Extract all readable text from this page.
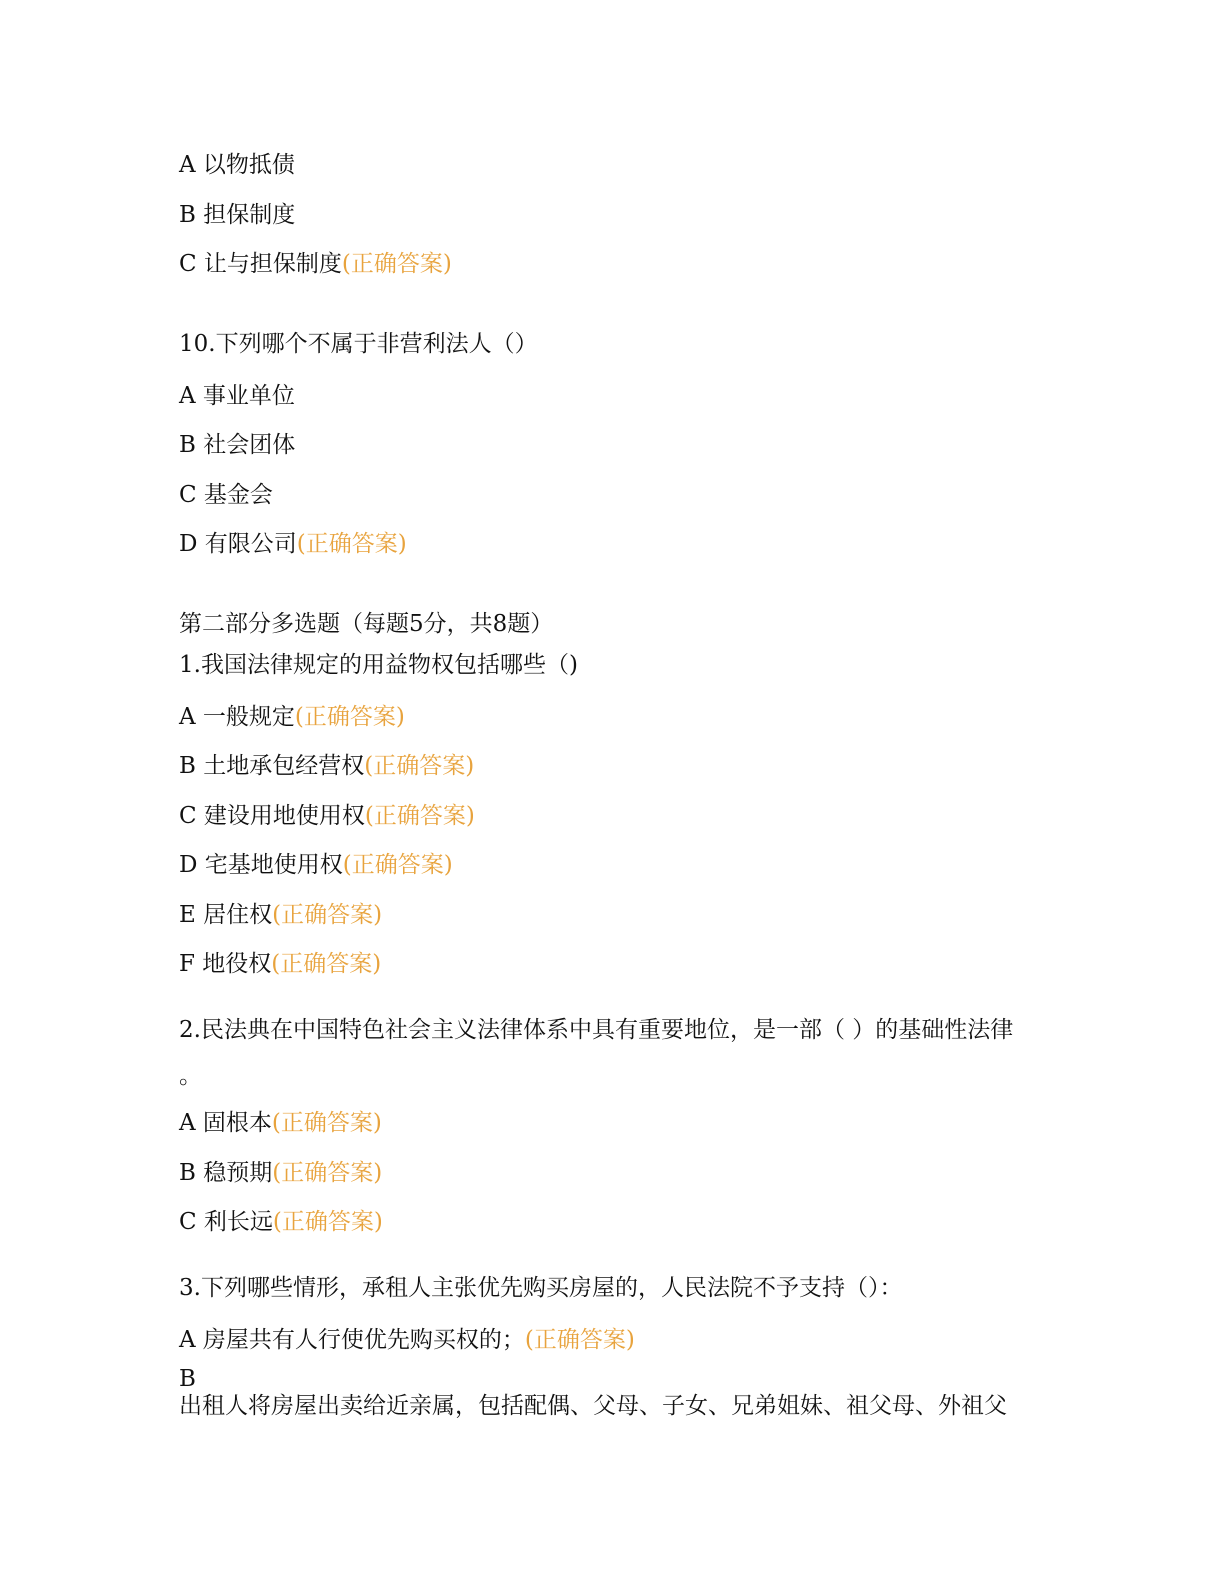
A 以物抵债
B 担保制度
C 让与担保制度(正确答案)
10.下列哪个不属于非营利法人（）
A 事业单位
B 社会团体
C 基金会
D 有限公司(正确答案)
第二部分多选题（每题5分，共8题）
1.我国法律规定的用益物权包括哪些（)
A 一般规定(正确答案)
B 土地承包经营权(正确答案)
C 建设用地使用权(正确答案)
D 宅基地使用权(正确答案)
E 居住权(正确答案)
F 地役权(正确答案)
2.民法典在中国特色社会主义法律体系中具有重要地位，是一部（ ）的基础性法律
。
A 固根本(正确答案)
B 稳预期(正确答案)
C 利长远(正确答案)
3.下列哪些情形，承租人主张优先购买房屋的，人民法院不予支持（）：
A 房屋共有人行使优先购买权的；(正确答案)
B
出租人将房屋出卖给近亲属，包括配偶、父母、子女、兄弟姐妹、祖父母、外祖父
